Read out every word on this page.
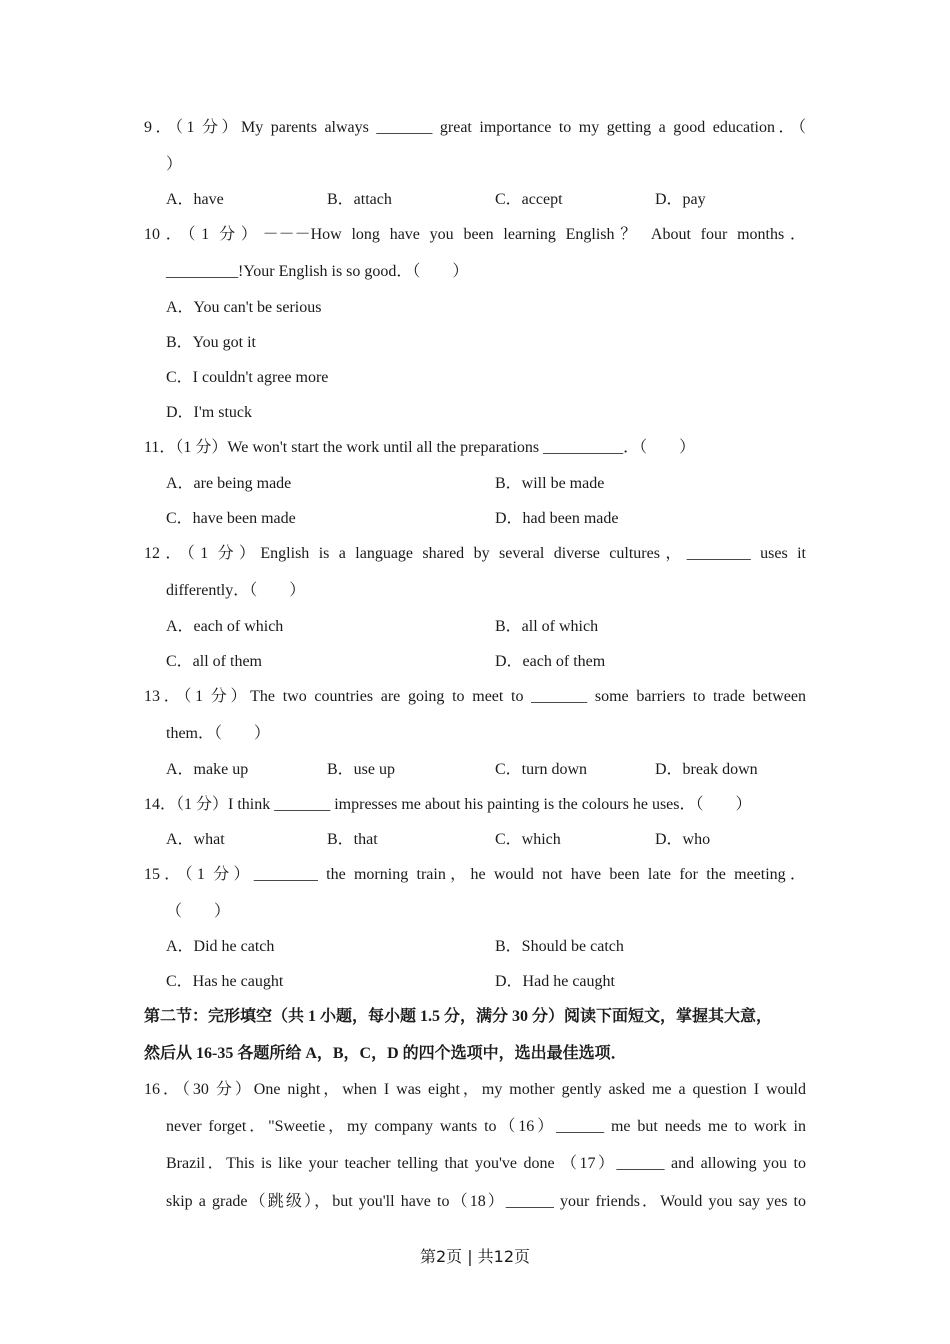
9．（1 分）My parents always _______ great importance to my getting a good education．（
）
A．have	B．attach	C．accept	D．pay
10．（1 分）－－－How long have you been learning English？ About four months．
_________!Your English is so good．（　　）
A．You can't be serious
B．You got it
C．I couldn't agree more
D．I'm stuck
11．（1 分）We won't start the work until all the preparations __________．（　　）
A．are being made	B．will be made
C．have been made	D．had been made
12．（1 分）English is a language shared by several diverse cultures，________ uses it
differently．（　　）
A．each of which	B．all of which
C．all of them	D．each of them
13．（1 分）The two countries are going to meet to _______ some barriers to trade between
them．（　　）
A．make up	B．use up	C．turn down	D．break down
14．（1 分）I think _______ impresses me about his painting is the colours he uses．（　　）
A．what	B．that	C．which	D．who
15．（1 分）________ the morning train，he would not have been late for the meeting．
（　　）
A．Did he catch	B．Should be catch
C．Has he caught	D．Had he caught
第二节：完形填空（共 1 小题，每小题 1.5 分，满分 30 分）阅读下面短文，掌握其大意，
然后从 16-35 各题所给 A，B，C，D 的四个选项中，选出最佳选项．
16．（30 分）One night，when I was eight，my mother gently asked me a question I would
never forget．"Sweetie，my company wants to（16）______ me but needs me to work in
Brazil．This is like your teacher telling that you've done （17）______ and allowing you to
skip a grade（跳级），but you'll have to（18）______ your friends．Would you say yes to
第2页 | 共12页
